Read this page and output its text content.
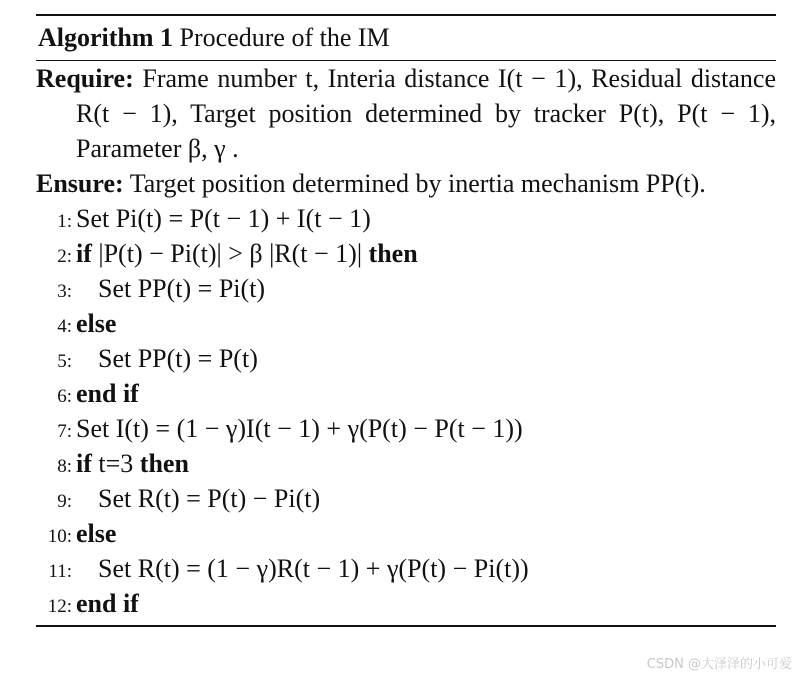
Algorithm 1 Procedure of the IM
Require: Frame number t, Interia distance I(t − 1), Residual distance R(t − 1), Target position determined by tracker P(t), P(t − 1), Parameter β, γ .
Ensure: Target position determined by inertia mechanism PP(t).
1: Set Pi(t) = P(t − 1) + I(t − 1)
2: if |P(t) − Pi(t)| > β |R(t − 1)| then
3:	Set PP(t) = Pi(t)
4: else
5:	Set PP(t) = P(t)
6: end if
7: Set I(t) = (1 − γ)I(t − 1) + γ(P(t) − P(t − 1))
8: if t=3 then
9:	Set R(t) = P(t) − Pi(t)
10: else
11:	Set R(t) = (1 − γ)R(t − 1) + γ(P(t) − Pi(t))
12: end if
CSDN @大泽泽的小可爱
